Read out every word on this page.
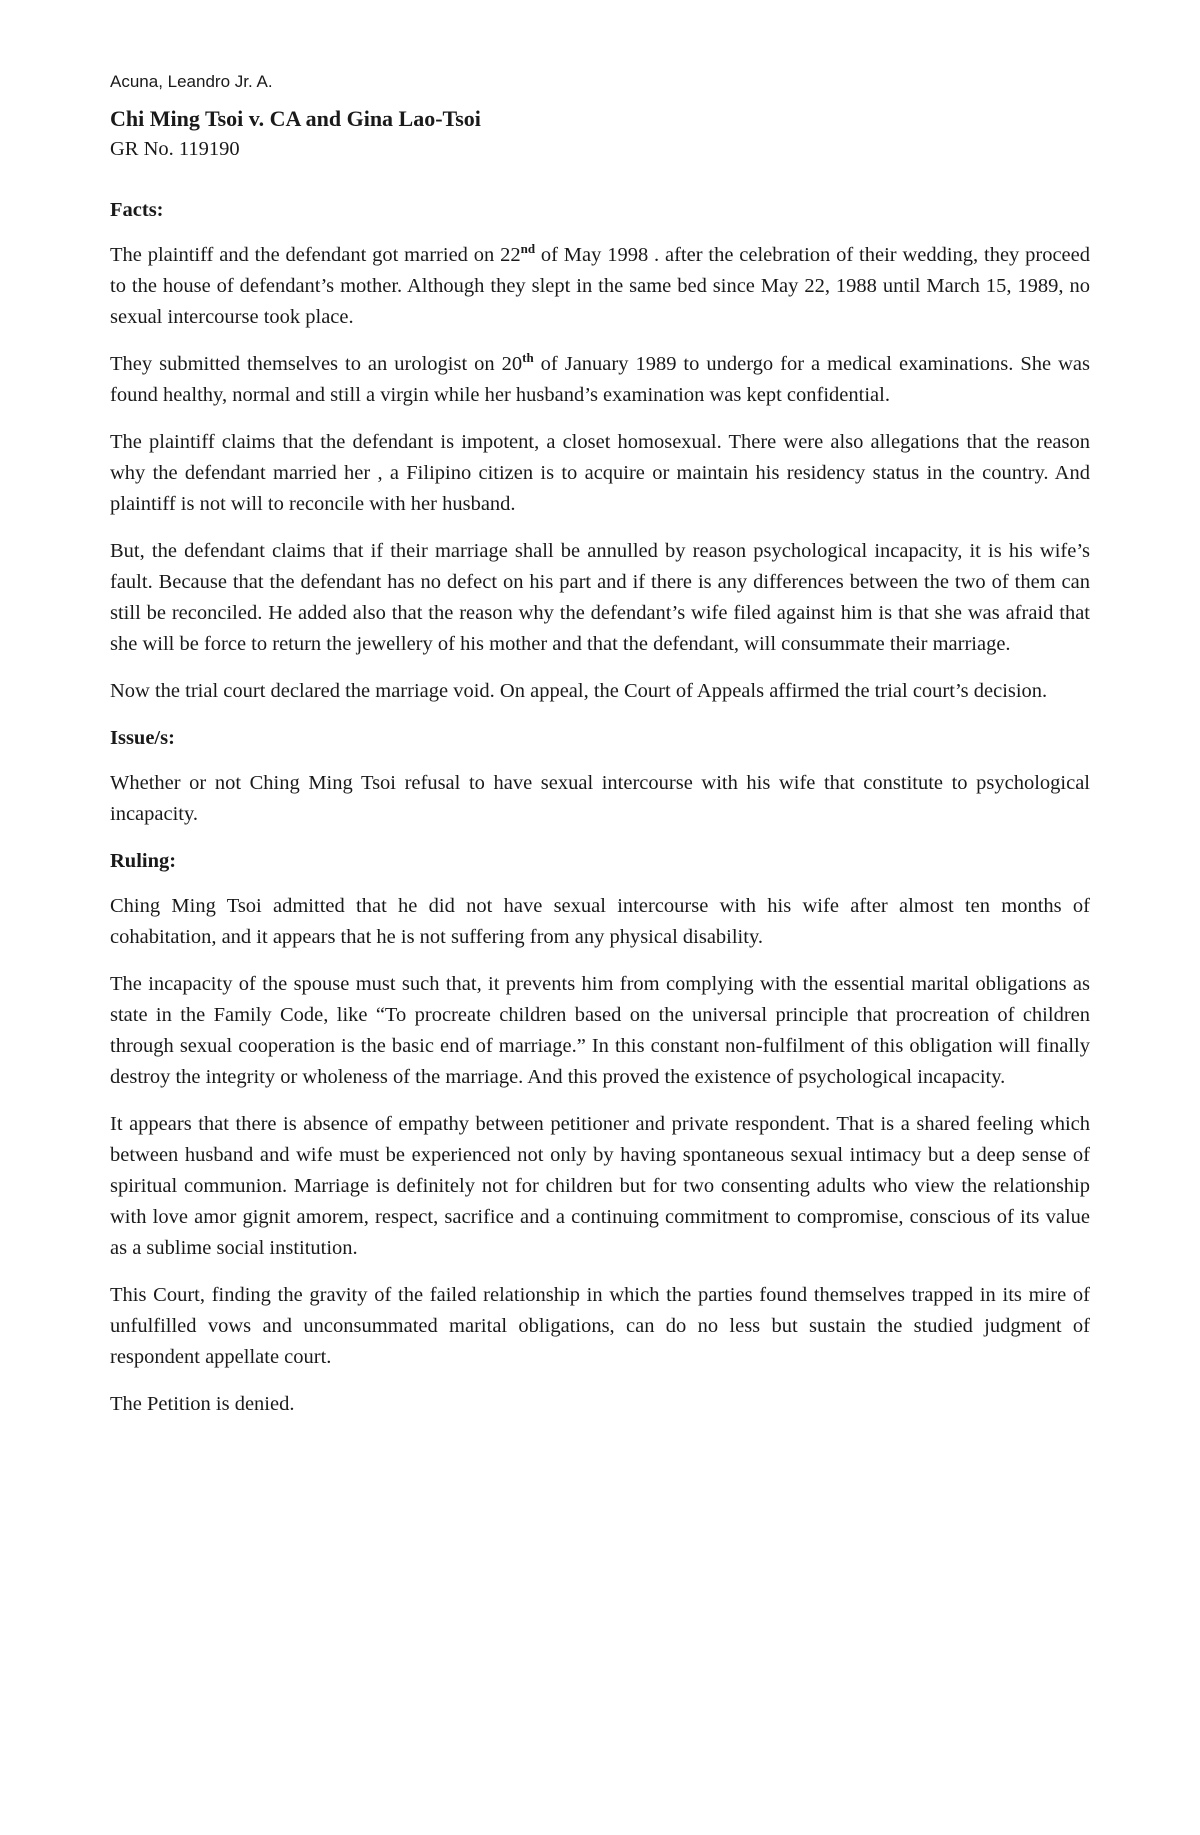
Acuna, Leandro Jr. A.
Chi Ming Tsoi v. CA and Gina Lao-Tsoi
GR No. 119190
Facts:

The plaintiff and the defendant got married on 22nd of May 1998 . after the celebration of their wedding, they proceed to the house of defendant’s mother. Although they slept in the same bed since May 22, 1988 until March 15, 1989, no sexual intercourse took place.

They submitted themselves to an urologist on 20th of January 1989 to undergo for a medical examinations. She was found healthy, normal and still a virgin while her husband’s examination was kept confidential.

The plaintiff claims that the defendant is impotent, a closet homosexual. There were also allegations that the reason why the defendant married her , a Filipino citizen is to acquire or maintain his residency status in the country. And plaintiff is not will to reconcile with her husband.

But, the defendant claims that if their marriage shall be annulled by reason psychological incapacity, it is his wife’s fault. Because that the defendant has no defect on his part and if there is any differences between the two of them can still be reconciled. He added also that the reason why the defendant’s wife filed against him is that she was afraid that she will be force to return the jewellery of his mother and that the defendant, will consummate their marriage.

Now the trial court declared the marriage void. On appeal, the Court of Appeals affirmed the trial court’s decision.

Issue/s:

Whether or not Ching Ming Tsoi refusal to have sexual intercourse with his wife that constitute to psychological incapacity.

Ruling:

Ching Ming Tsoi admitted that he did not have sexual intercourse with his wife after almost ten months of cohabitation, and it appears that he is not suffering from any physical disability.

The incapacity of the spouse must such that, it prevents him from complying with the essential marital obligations as state in the Family Code, like “To procreate children based on the universal principle that procreation of children through sexual cooperation is the basic end of marriage.” In this constant non-fulfilment of this obligation will finally destroy the integrity or wholeness of the marriage. And this proved the existence of psychological incapacity.

It appears that there is absence of empathy between petitioner and private respondent. That is a shared feeling which between husband and wife must be experienced not only by having spontaneous sexual intimacy but a deep sense of spiritual communion. Marriage is definitely not for children but for two consenting adults who view the relationship with love amor gignit amorem, respect, sacrifice and a continuing commitment to compromise, conscious of its value as a sublime social institution.

This Court, finding the gravity of the failed relationship in which the parties found themselves trapped in its mire of unfulfilled vows and unconsummated marital obligations, can do no less but sustain the studied judgment of respondent appellate court.

The Petition is denied.
